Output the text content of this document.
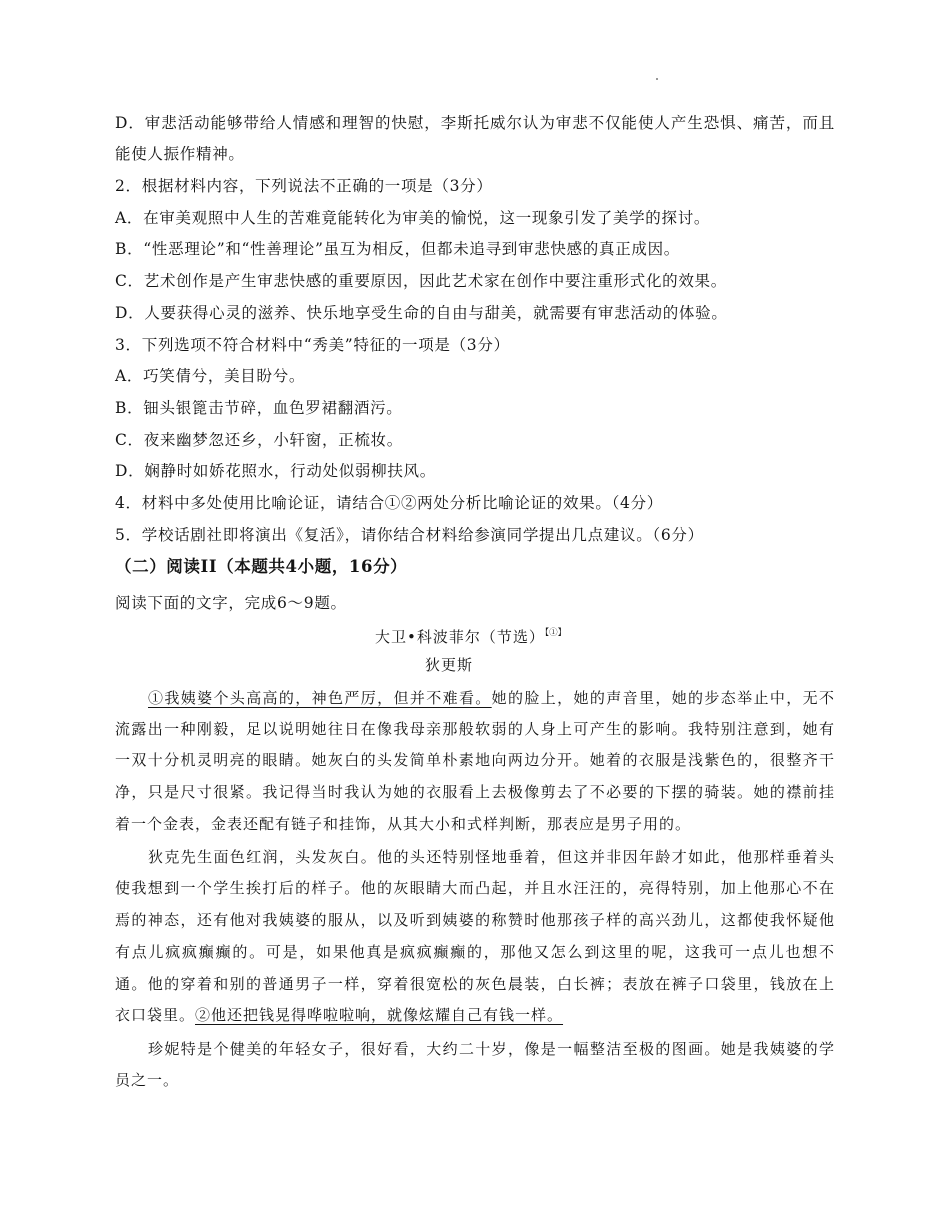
D．审悲活动能够带给人情感和理智的快慰，李斯托威尔认为审悲不仅能使人产生恐惧、痛苦，而且
能使人振作精神。
2．根据材料内容，下列说法不正确的一项是（3分）
A．在审美观照中人生的苦难竟能转化为审美的愉悦，这一现象引发了美学的探讨。
B．“性恶理论”和“性善理论”虽互为相反，但都未追寻到审悲快感的真正成因。
C．艺术创作是产生审悲快感的重要原因，因此艺术家在创作中要注重形式化的效果。
D．人要获得心灵的滋养、快乐地享受生命的自由与甜美，就需要有审悲活动的体验。
3．下列选项不符合材料中“秀美”特征的一项是（3分）
A．巧笑倩兮，美目盼兮。
B．钿头银篦击节碎，血色罗裙翻酒污。
C．夜来幽梦忽还乡，小轩窗，正梳妆。
D．娴静时如娇花照水，行动处似弱柳扶风。
4．材料中多处使用比喻论证，请结合①②两处分析比喻论证的效果。（4分）
5．学校话剧社即将演出《复活》，请你结合材料给参演同学提出几点建议。（6分）
（二）阅读II（本题共4小题，16分）
阅读下面的文字，完成6～9题。
大卫•科波菲尔（节选）【①】
狄更斯
①我姨婆个头高高的，神色严厉，但并不难看。她的脸上，她的声音里，她的步态举止中，无不
流露出一种刚毅，足以说明她往日在像我母亲那般软弱的人身上可产生的影响。我特别注意到，她有
一双十分机灵明亮的眼睛。她灰白的头发简单朴素地向两边分开。她着的衣服是浅紫色的，很整齐干
净，只是尺寸很紧。我记得当时我认为她的衣服看上去极像剪去了不必要的下摆的骑装。她的襟前挂
着一个金表，金表还配有链子和挂饰，从其大小和式样判断，那表应是男子用的。
狄克先生面色红润，头发灰白。他的头还特别怪地垂着，但这并非因年龄才如此，他那样垂着头
使我想到一个学生挨打后的样子。他的灰眼睛大而凸起，并且水汪汪的，亮得特别，加上他那心不在
焉的神态，还有他对我姨婆的服从，以及听到姨婆的称赞时他那孩子样的高兴劲儿，这都使我怀疑他
有点儿疯疯癫癫的。可是，如果他真是疯疯癫癫的，那他又怎么到这里的呢，这我可一点儿也想不
通。他的穿着和别的普通男子一样，穿着很宽松的灰色晨装，白长裤；表放在裤子口袋里，钱放在上
衣口袋里。②他还把钱晃得哗啦啦响，就像炫耀自己有钱一样。
珍妮特是个健美的年轻女子，很好看，大约二十岁，像是一幅整洁至极的图画。她是我姨婆的学
员之一。
